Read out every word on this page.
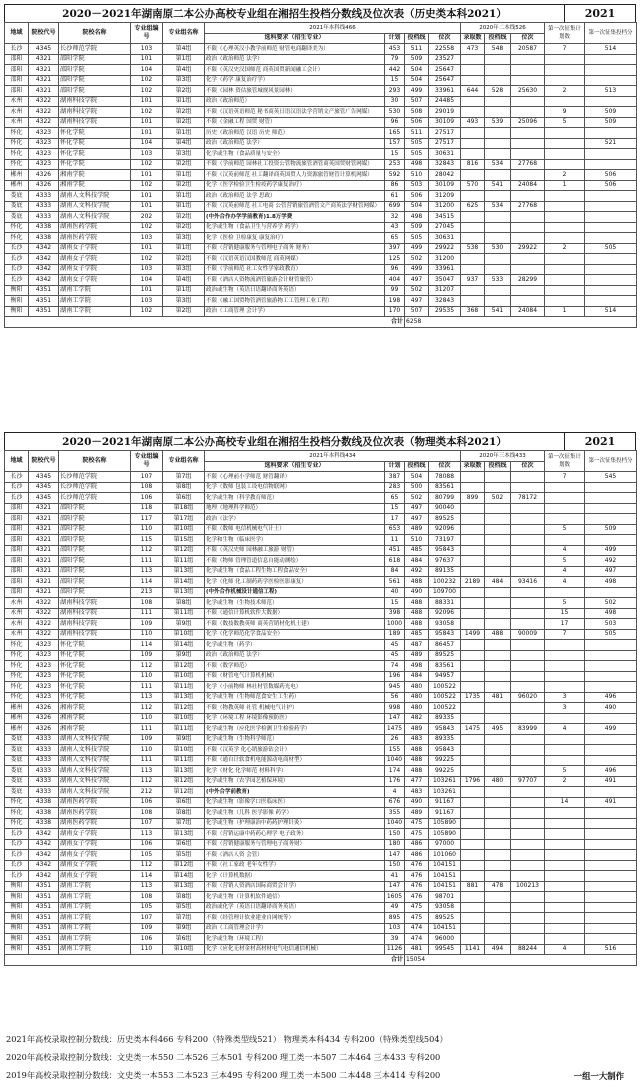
2020－2021年湖南原二本公办高校专业组在湘招生投档分数线及位次表（历史类本科2021）	2021
地域	院校代号	院校名称	专业组编号	专业组名称	2021年本科线466				2020年二本线526			第一次征集计划数	第一次征集投档分
					选科要求（招生专业）	计划	投档线	位次	录取数	投档线	位次		
长沙	4345	长沙师范学院	103	第4组	不限（心理英汉小教学前师范 财管电商翻译美为）	453	511	22558	473	548	20587	7	514
邵阳	4321	邵阳学院	101	第1组	政治（政治师范 法学）	79	509	23527					
邵阳	4321	邵阳学院	104	第4组	不限（英汉史汉国师范 商英国贸新闻融工会计）	442	504	25647					
邵阳	4321	邵阳学院	102	第3组	化学（药学 康复治疗学）	15	504	25647					
邵阳	4321	邵阳学院	102	第2组	不限（园林 资估旅管城规风景园林）	293	499	33961	644	528	25630	2	513
永州	4322	湖南科技学院	101	第1组	政治（政治师范）	30	507	24485					
永州	4322	湖南科技学院	102	第2组	不限（汉语英语师范 秘书商英日语汉语法学营销文产旅管广告网媒）	530	508	29019				9	509
永州	4322	湖南科技学院	101	第2组	不限（金融工程 国贸 财管）	96	506	30109	493	539	25096	5	509
怀化	4323	怀化学院	101	第1组	历史（政治师范 汉语 历史 师范）	165	511	27517					
怀化	4323	怀化学院	104	第4组	政治（政治师范 法学）	157	505	27517					521
怀化	4323	怀化学院	103	第3组	化学或生物（食品质量与安全）	15	505	30631					
怀化	4323	怀化学院	102	第2组	不限（学前师范 园林社工投资公管物流旅管酒管商英国贸财管网媒）	253	498	32843	816	534	27768		
郴州	4326	湘南学院	101	第1组	不限（汉英前师范 社工翻译商英国贸人力资源旅管财管计算机网媒）	592	510	28042				2	506
郴州	4326	湘南学院	102	第2组	化学（医学检验卫生检疫药学康复治疗）	86	503	30109	570	541	24084	1	506
娄底	4333	湖南人文科技学院	101	第1组	政治（政治师范 法学 思政）	61	506	31209					
娄底	4333	湖南人文科技学院	101	第1组	不限（汉英前师范 社工电商 公管营销旅管酒管文产商英法学财管网媒）	699	504	31200	625	534	27768		
娄底	4333	湖南人文科技学院	202	第2组	(中外合作办学学前教育)1.8万学费	32	498	34515					
怀化	4338	湖南医药学院	102	第2组	化学或生物（食品卫生与营养学 药学）	43	509	27045					
怀化	4338	湖南医药学院	103	第3组	化学（医检 卫检康复 康复治疗）	65	505	30631					
长沙	4342	湖南女子学院	101	第1组	不限（营销健康服务与管理电子商务 财务）	397	499	29922	538	530	29922	2	505
长沙	4342	湖南女子学院	102	第2组	不限（汉语英语汉国教师范 商英网媒）	125	502	31200					
长沙	4342	湖南女子学院	103	第3组	不限（学前师范 社工女性学家政教育）	96	499	33961					
长沙	4342	湖南女子学院	104	第4组	不限（酒店人资物流酒管旅游会计财管旅管）	404	497	35047	937	533	28299		
衡阳	4351	湖南工学院	101	第1组	政治或生物（英语日语翻译商务英语）	99	502	31207					
衡阳	4351	湖南工学院	103	第3组	不限（融工国贸物管酒管旅游物工工管理工业工程）	198	497	32843					
衡阳	4351	湖南工学院	102	第2组	政治（工商管理 会计学）	170	507	29535	368	541	24084	1	514
合计							6258						
2020－2021年湖南原二本公办高校专业组在湘招生投档分数线及位次表（物理类本科2021）	2021
地域	院校代号	院校名称	专业组编号	专业组名称	2021年本科线434				2020年三本线433			第一次征集计划数	第一次征集投档分
					选科要求（招生专业）	计划	投档线	位次	录取数	投档线	位次		
长沙	4345	长沙师范学院	107	第7组	不限（心理前小学师范 财管翻译）	387	504	78088				7	545
长沙	4345	长沙师范学院	108	第8组	化学（数师 包装工设电信物联网）	283	500	83561					
长沙	4345	长沙师范学院	106	第6组	化学或生物（科学教育师范）	65	502	80799	899	502	78172		
邵阳	4321	邵阳学院	118	第18组	地理（地理科学师范）	15	497	90040					
邵阳	4321	邵阳学院	117	第17组	政治（法学）	17	497	89525					
邵阳	4321	邵阳学院	110	第10组	不限（数师 电信机械电气计土）	653	489	92096				5	509
邵阳	4321	邵阳学院	115	第15组	化学和生物（临床医学）	11	510	73197					
邵阳	4321	邵阳学院	112	第12组	不限（英汉史师 园林融工旅游 财管）	451	485	95843				4	499
邵阳	4321	邵阳学院	111	第11组	不限（物师 管理管道信息自能动测绘）	618	484	97637				5	492
邵阳	4321	邵阳学院	113	第13组	化学或生物（食品工程生物工程食品安全）	84	492	89135				4	497
邵阳	4321	邵阳学院	114	第14组	化学（化师 化工制药药学医检医影康复）	561	488	100232	2189	484	93416	4	498
邵阳	4321	邵阳学院	213	第13组	(中外合作机械设计通信工程)	40	490	109700					
永州	4322	湖南科技学院	108	第8组	化学或生物（生物技术师范）	15	488	88331				5	502
永州	4322	湖南科技学院	111	第11组	不限（通信计算机软件大数据）	398	488	92096				15	498
永州	4322	湖南科技学院	109	第9组	不限（数技数教英师 商英营销材化机土建）	1000	488	93058				17	503
永州	4322	湖南科技学院	110	第10组	化学（化学师范化学食品安全）	189	485	95843	1499	488	90009	7	505
怀化	4323	怀化学院	114	第14组	化学或生物（药学）	45	487	86457					
怀化	4323	怀化学院	109	第9组	政治（政治师范 法学）	45	489	89525					
怀化	4323	怀化学院	112	第12组	不限（数学师范）	74	498	83561					
怀化	4323	怀化学院	110	第10组	不限（财管电气计算机机械）	196	484	94957					
怀化	4323	怀化学院	111	第11组	化学（小前物师 林社材管数媒药光电）	945	480	100522					
怀化	4323	怀化学院	113	第13组	化学或生物（生物师范食安生工生药）	56	480	100522	1735	481	96020	3	496
郴州	4326	湘南学院	112	第12组	不限（物教英师 社管 机械电气计护）	998	480	100522				3	490
郴州	4326	湘南学院	110	第10组	化学（环境工程 环境影像预防医）	147	482	89335					
郴州	4326	湘南学院	111	第11组	化学或生物（应化医学检测卫生检验药学）	1475	489	95843	1475	495	83999	4	499
娄底	4333	湖南人文科技学院	109	第9组	化学或生物（生物科学师范）	26	483	89335					
娄底	4333	湖南人文科技学院	110	第10组	不限（汉英学 化心销旅游钻会计）	155	488	95843					
娄底	4333	湖南人文科技学院	111	第11组	不限（通自计软食机电能源动电商材型）	1040	488	99225					
娄底	4333	湖南人文科技学院	113	第13组	化学（材化 化学师范 材料科学）	174	488	99225				5	496
娄底	4333	湖南人文科技学院	112	第12组	化学或生物（农学园艺植保环境）	176	477	103261	1796	480	97707	2	491
娄底	4333	湖南人文科技学院	212	第12组	(中外合学前教育)	4	483	103261					
怀化	4338	湖南医药学院	106	第6组	化学或生物（影像学口医临床医）	676	490	91167				14	491
怀化	4338	湖南医药学院	108	第8组	化学或生物（儿科 医学影像 药学）	355	489	91167					
怀化	4338	湖南医药学院	107	第7组	化学或生物（护理康治中药药护理针灸）	1040	475	105890					
长沙	4342	湖南女子学院	113	第13组	不限（营销运康中药药心理学 电子政务）	150	475	105890					
长沙	4342	湖南女子学院	106	第6组	不限（营销健康服务与管理电子商务财）	180	486	97000					
长沙	4342	湖南女子学院	105	第5组	不限（酒店人资 会管）	147	486	101060					
长沙	4342	湖南女子学院	112	第12组	不限（社工家政 老年女性学）	150	476	104151					
长沙	4342	湖南女子学院	114	第14组	化学（计算机数据）	41	476	104151					
衡阳	4351	湖南工学院	113	第13组	不限（营销人资酒店国际商贸会计学）	147	476	104151	881	478	100213		
衡阳	4351	湖南工学院	108	第8组	化学或生物（计算机软件通信）	1605	476	98701					
衡阳	4351	湖南工学院	105	第5组	政治或化学（英语日语翻译商务英语）	49	475	93058					
衡阳	4351	湖南工学院	107	第7组	不限（经管理计软业建业自网统等）	895	475	89525					
衡阳	4351	湖南工学院	109	第9组	政治（工商管理会计学）	103	474	104151					
衡阳	4351	湖南工学院	106	第6组	化学或生物（环境工程）	39	474	96000					
衡阳	4351	湖南工学院	110	第10组	化学（应化无材金材高材材电气电信通信机械）	1126	481	99545	1141	494	88244	4	516
合计							15054						
2021年高校录取控制分数线：历史类本科466 专科200（特殊类型线521） 物理类本科434 专科200（特殊类型线504）
2020年高校录取控制分数线：文史类一本550 二本526 三本501 专科200 理工类一本507 二本464 三本433 专科200
2019年高校录取控制分数线：文史类一本553 二本523 三本495 专科200 理工类一本500 二本448 三本414 专科200	一组一大制作
